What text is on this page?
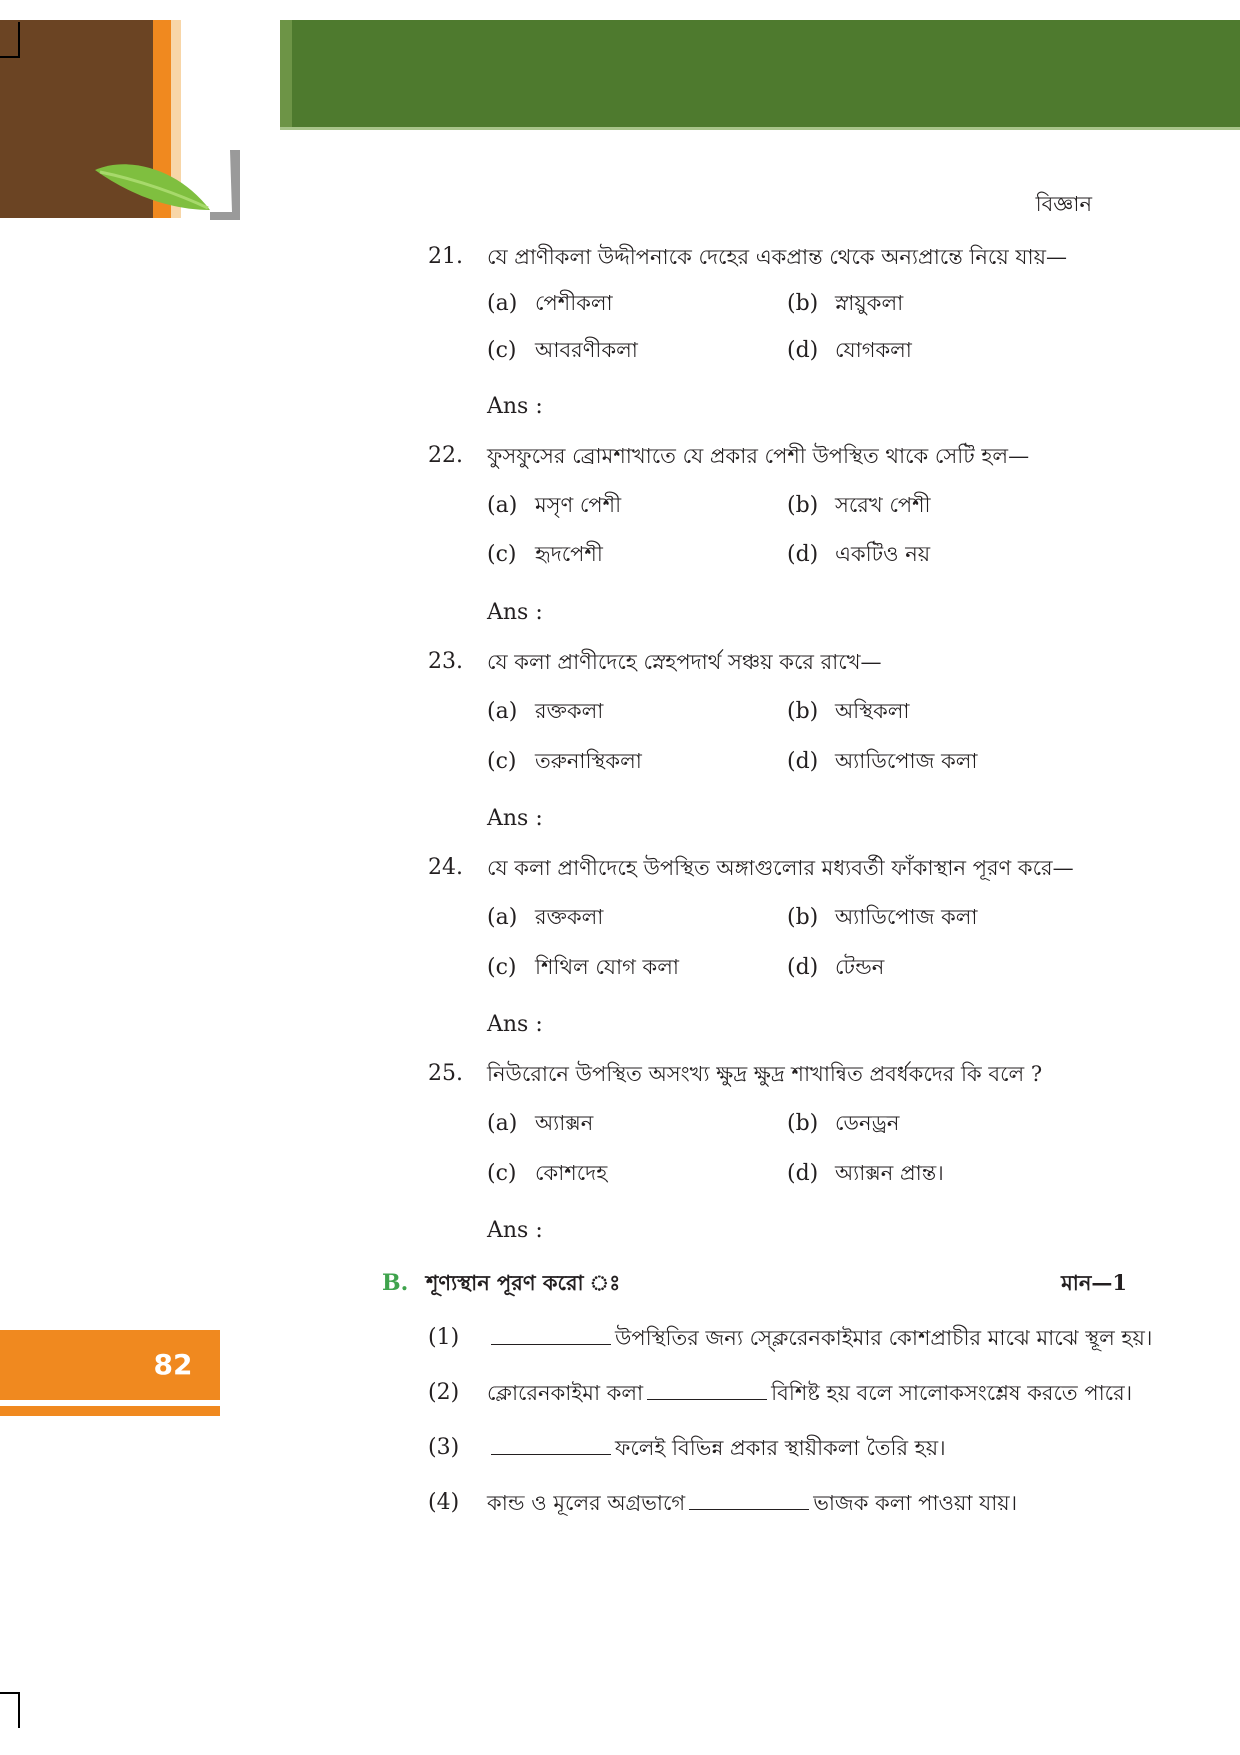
বিজ্ঞান
82
21. যে প্রাণীকলা উদ্দীপনাকে দেহের একপ্রান্ত থেকে অন্যপ্রান্তে নিয়ে যায়—
(a) পেশীকলা	(b) স্নায়ুকলা
(c) আবরণীকলা	(d) যোগকলা
Ans :
22. ফুসফুসের ব্রোমশাখাতে যে প্রকার পেশী উপস্থিত থাকে সেটি হল—
(a) মসৃণ পেশী	(b) সরেখ পেশী
(c) হৃদপেশী	(d) একটিও নয়
Ans :
23. যে কলা প্রাণীদেহে স্নেহপদার্থ সঞ্চয় করে রাখে—
(a) রক্তকলা	(b) অস্থিকলা
(c) তরুনাস্থিকলা	(d) অ্যাডিপোজ কলা
Ans :
24. যে কলা প্রাণীদেহে উপস্থিত অঙ্গাগুলোর মধ্যবর্তী ফাঁকাস্থান পূরণ করে—
(a) রক্তকলা	(b) অ্যাডিপোজ কলা
(c) শিথিল যোগ কলা	(d) টেন্ডন
Ans :
25. নিউরোনে উপস্থিত অসংখ্য ক্ষুদ্র ক্ষুদ্র শাখান্বিত প্রবর্ধকদের কি বলে ?
(a) অ্যাক্সন	(b) ডেনড্রন
(c) কোশদেহ	(d) অ্যাক্সন প্রান্ত।
Ans :
B. শূণ্যস্থান পূরণ করো ঃ	মান—1
(1)	উপস্থিতির জন্য স্ক্লেরেনকাইমার কোশপ্রাচীর মাঝে মাঝে স্থূল হয়।
(2) ক্লোরেনকাইমা কলা	বিশিষ্ট হয় বলে সালোকসংশ্লেষ করতে পারে।
(3)	ফলেই বিভিন্ন প্রকার স্থায়ীকলা তৈরি হয়।
(4) কান্ড ও মূলের অগ্রভাগে	ভাজক কলা পাওয়া যায়।
